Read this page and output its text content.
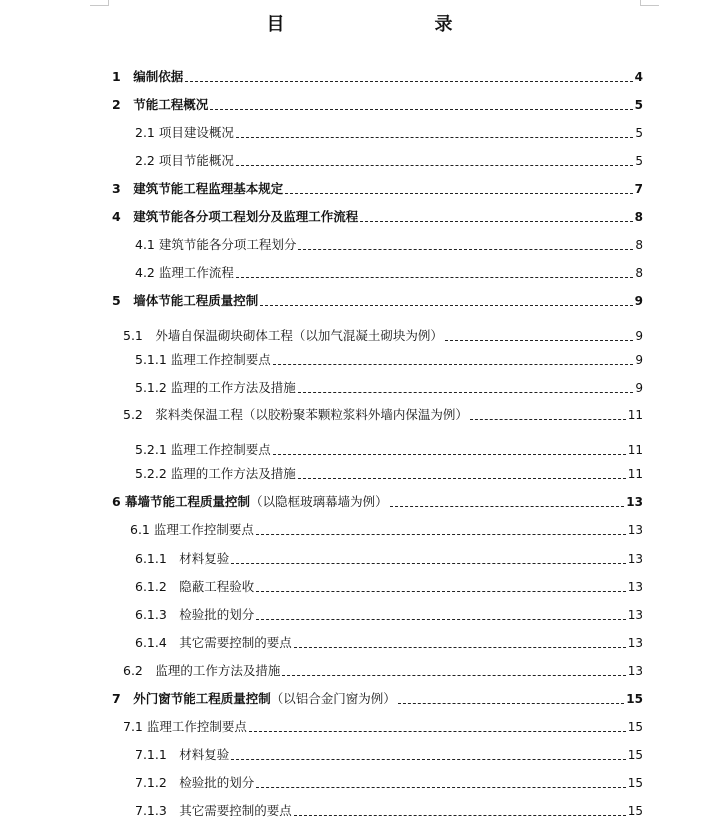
目　　录
1　编制依据	4
2　节能工程概况	5
2.1 项目建设概况	5
2.2 项目节能概况	5
3　建筑节能工程监理基本规定	7
4　建筑节能各分项工程划分及监理工作流程	8
4.1 建筑节能各分项工程划分	8
4.2 监理工作流程	8
5　墙体节能工程质量控制	9
5.1　外墙自保温砌块砌体工程（以加气混凝土砌块为例）	9
5.1.1 监理工作控制要点	9
5.1.2 监理的工作方法及措施	9
5.2　浆料类保温工程（以胶粉聚苯颗粒浆料外墙内保温为例）	11
5.2.1 监理工作控制要点	11
5.2.2 监理的工作方法及措施	11
6 幕墙节能工程质量控制（以隐框玻璃幕墙为例）	13
6.1 监理工作控制要点	13
6.1.1　材料复验	13
6.1.2　隐蔽工程验收	13
6.1.3　检验批的划分	13
6.1.4　其它需要控制的要点	13
6.2　监理的工作方法及措施	13
7　外门窗节能工程质量控制（以铝合金门窗为例）	15
7.1 监理工作控制要点	15
7.1.1　材料复验	15
7.1.2　检验批的划分	15
7.1.3　其它需要控制的要点	15
